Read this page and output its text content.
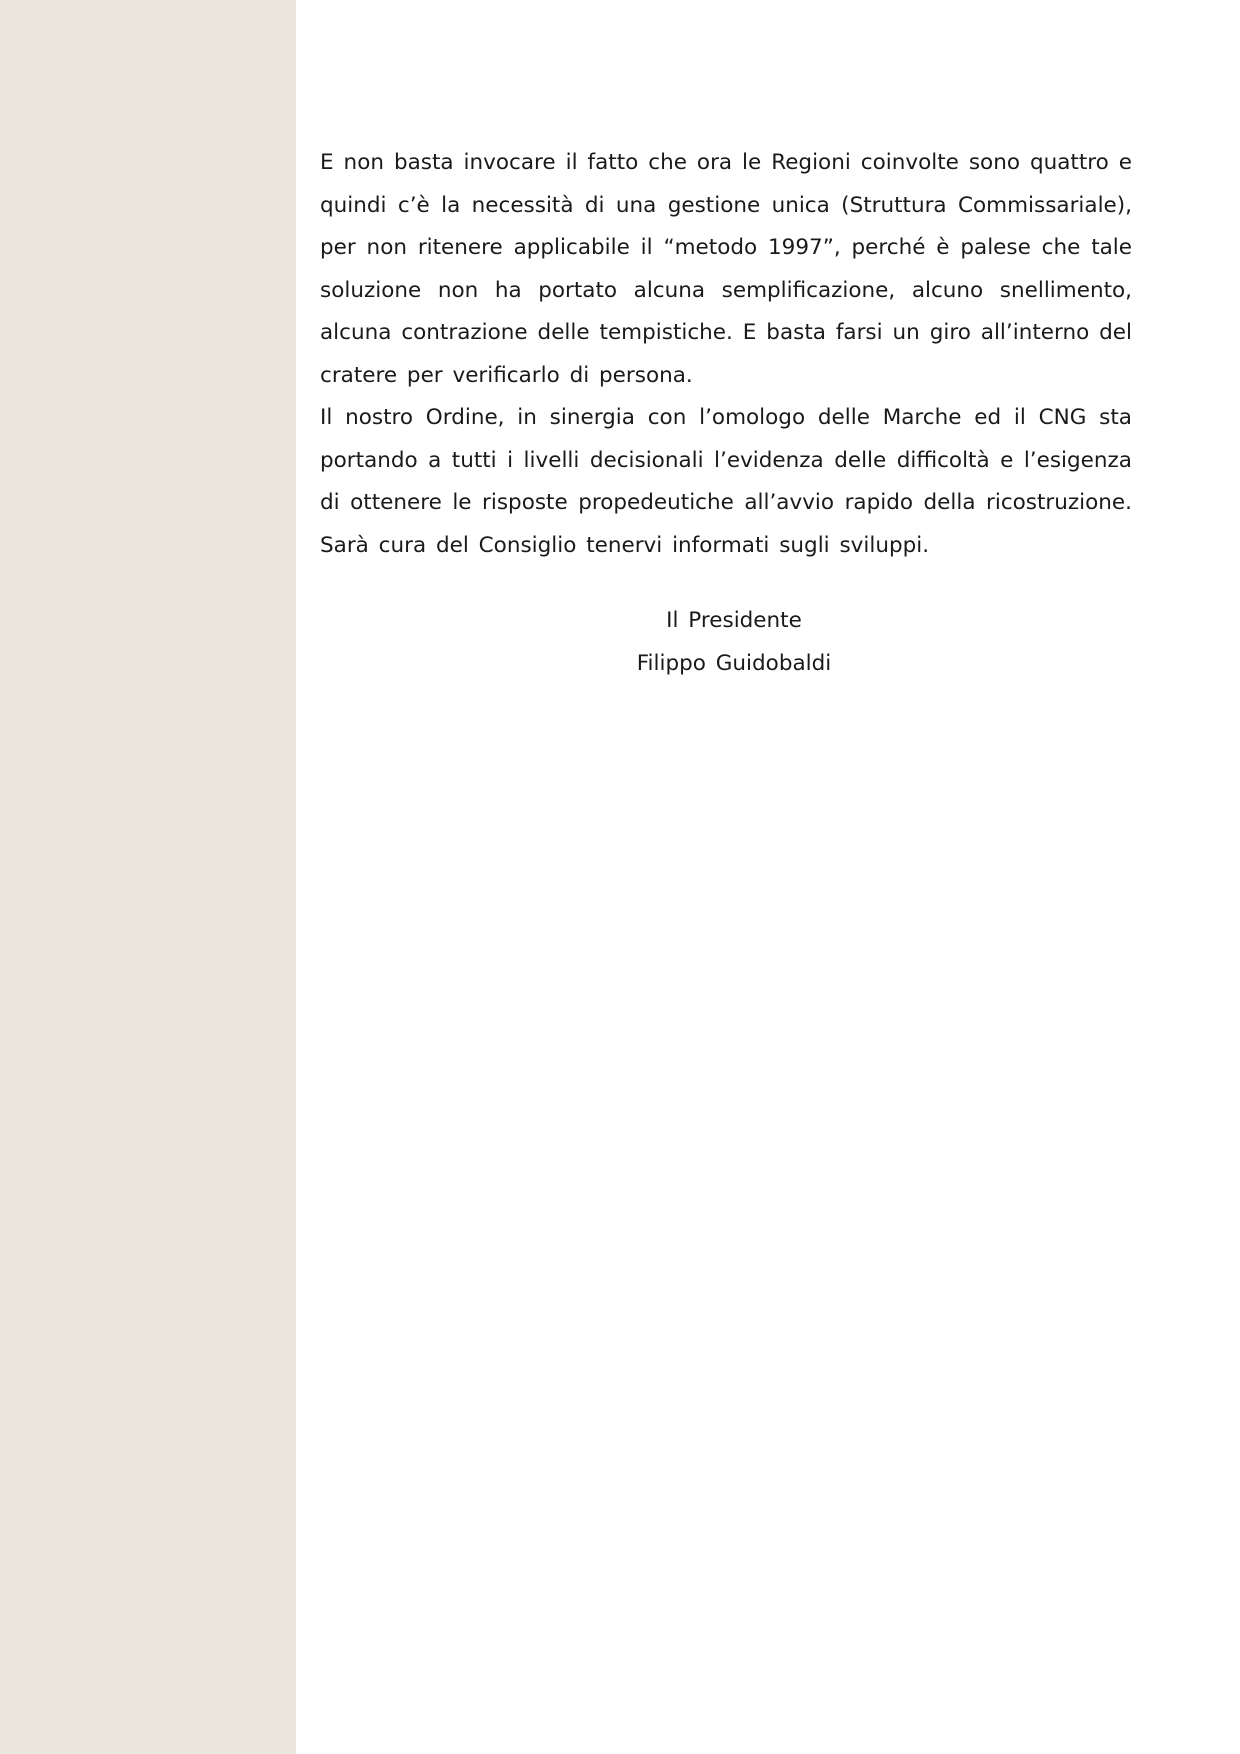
E non basta invocare il fatto che ora le Regioni coinvolte sono quattro e quindi c’è la necessità di una gestione unica (Struttura Commissariale), per non ritenere applicabile il “metodo 1997”, perché è palese che tale soluzione non ha portato alcuna semplificazione, alcuno snellimento, alcuna contrazione delle tempistiche. E basta farsi un giro all’interno del cratere per verificarlo di persona.

Il nostro Ordine, in sinergia con l’omologo delle Marche ed il CNG sta portando a tutti i livelli decisionali l’evidenza delle difficoltà e l’esigenza di ottenere le risposte propedeutiche all’avvio rapido della ricostruzione. Sarà cura del Consiglio tenervi informati sugli sviluppi.

Il Presidente
Filippo Guidobaldi
